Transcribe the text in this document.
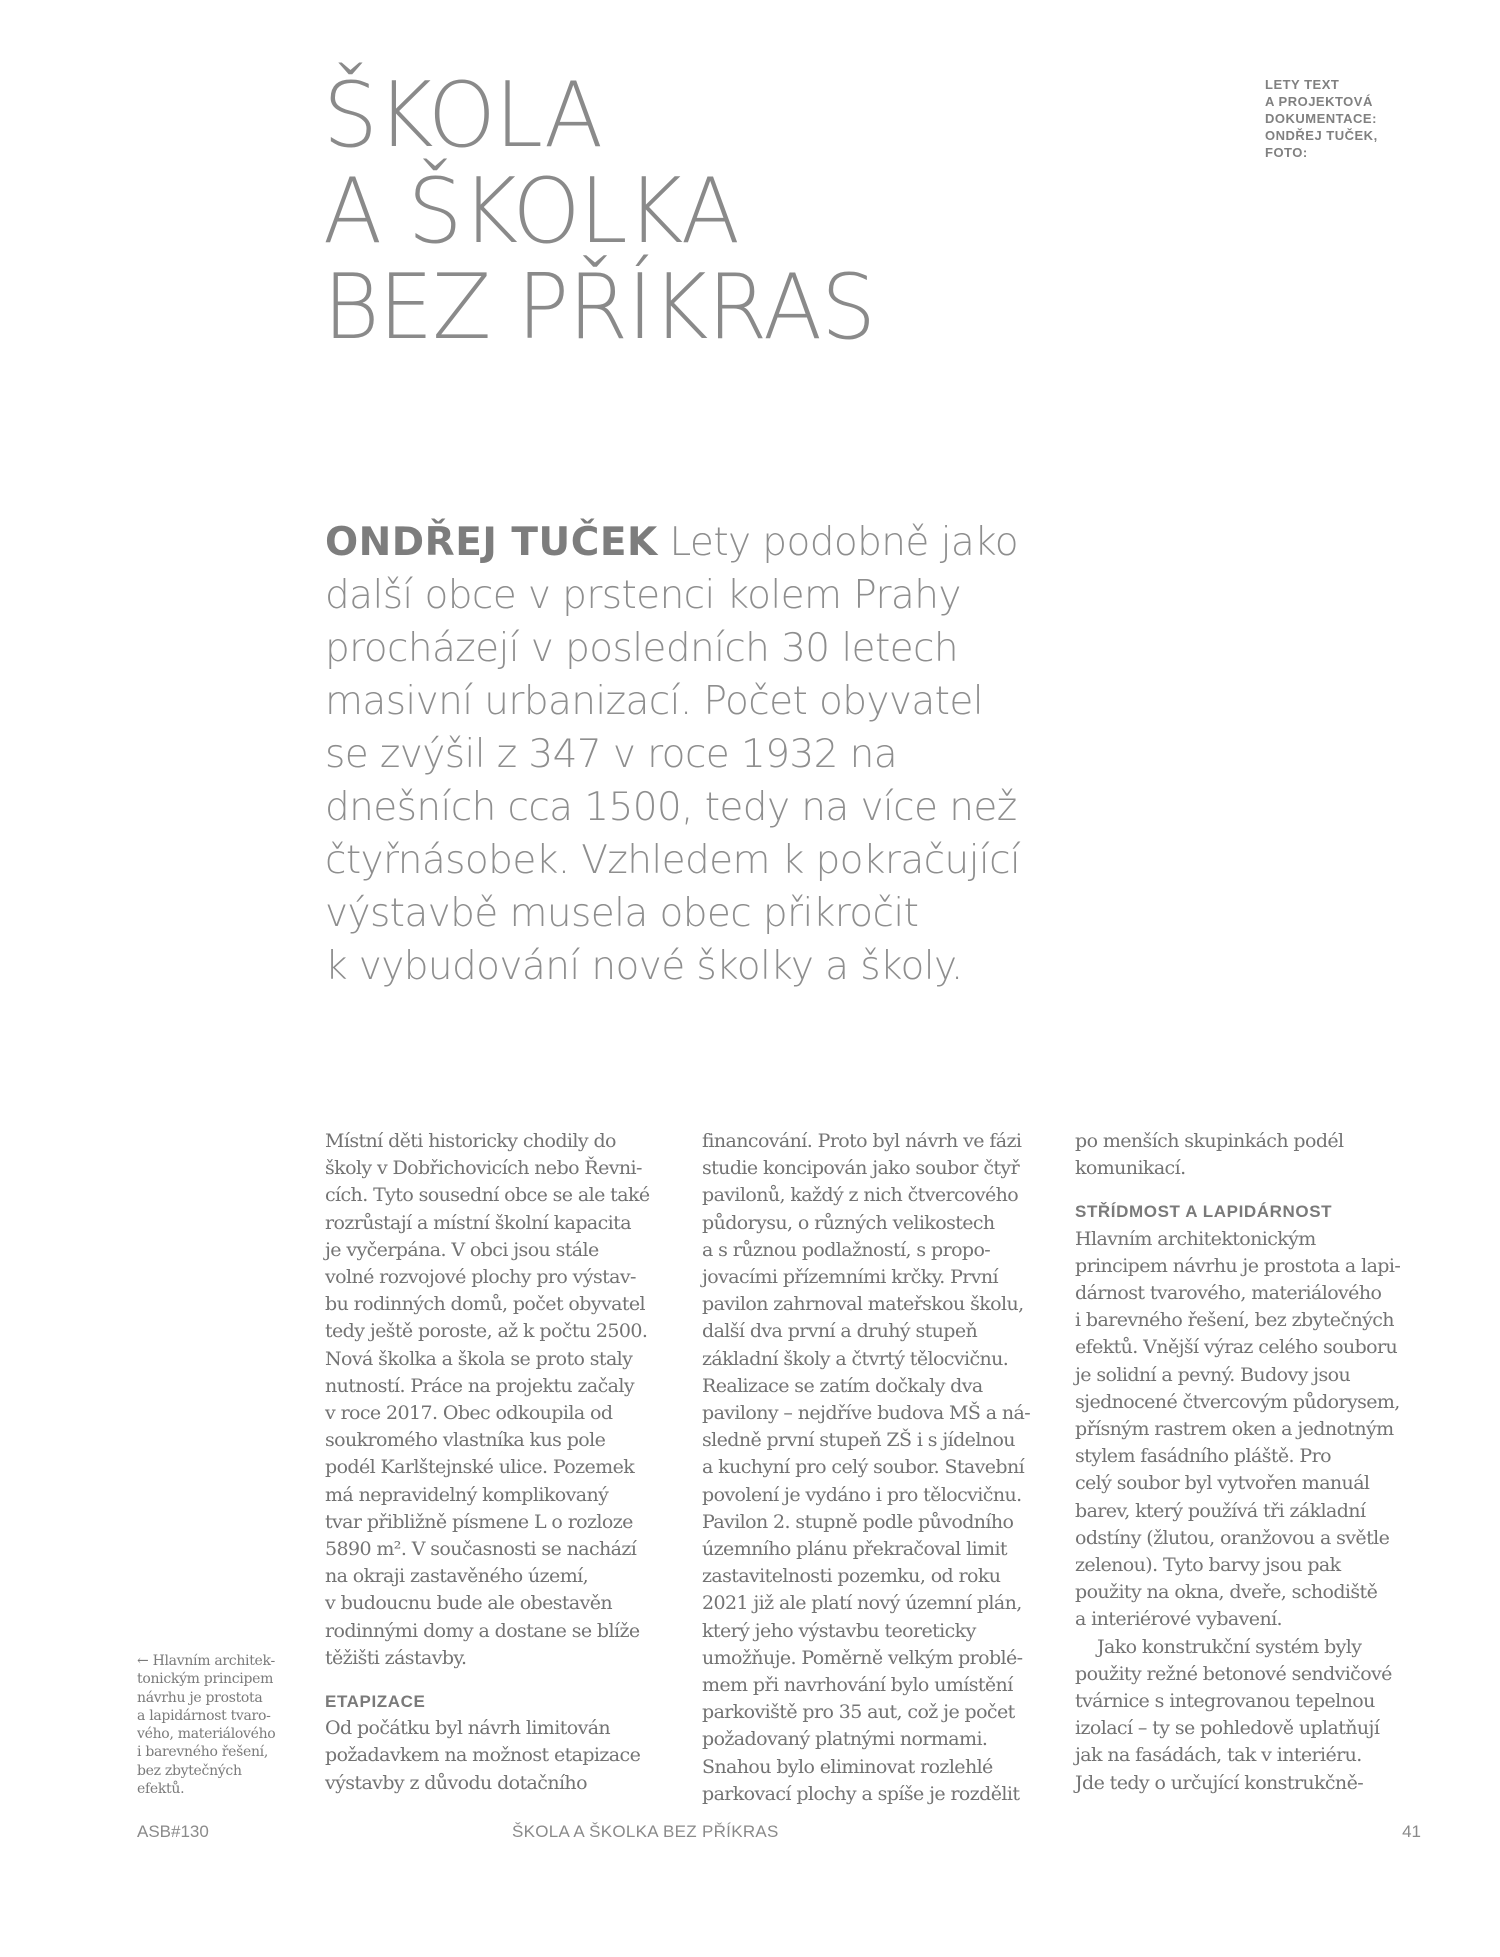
ŠKOLA
A ŠKOLKA
BEZ PŘÍKRAS
LETY TEXT
A PROJEKTOVÁ
DOKUMENTACE:
ONDŘEJ TUČEK,
FOTO:
ONDŘEJ TUČEK Lety podobně jako
další obce v prstenci kolem Prahy
procházejí v posledních 30 letech
masivní urbanizací. Počet obyvatel
se zvýšil z 347 v roce 1932 na
dnešních cca 1500, tedy na více než
čtyřnásobek. Vzhledem k pokračující
výstavbě musela obec přikročit
k vybudování nové školky a školy.
← Hlavním architek-
tonickým principem
návrhu je prostota
a lapidárnost tvaro-
vého, materiálového
i barevného řešení,
bez zbytečných
efektů.
Místní děti historicky chodily do
školy v Dobřichovicích nebo Řevni-
cích. Tyto sousední obce se ale také
rozrůstají a místní školní kapacita
je vyčerpána. V obci jsou stále
volné rozvojové plochy pro výstav-
bu rodinných domů, počet obyvatel
tedy ještě poroste, až k počtu 2500.
Nová školka a škola se proto staly
nutností. Práce na projektu začaly
v roce 2017. Obec odkoupila od
soukromého vlastníka kus pole
podél Karlštejnské ulice. Pozemek
má nepravidelný komplikovaný
tvar přibližně písmene L o rozloze
5890 m². V současnosti se nachází
na okraji zastavěného území,
v budoucnu bude ale obestavěn
rodinnými domy a dostane se blíže
těžišti zástavby.
ETAPIZACE
Od počátku byl návrh limitován
požadavkem na možnost etapizace
výstavby z důvodu dotačního
financování. Proto byl návrh ve fázi
studie koncipován jako soubor čtyř
pavilonů, každý z nich čtvercového
půdorysu, o různých velikostech
a s různou podlažností, s propo-
jovacími přízemními krčky. První
pavilon zahrnoval mateřskou školu,
další dva první a druhý stupeň
základní školy a čtvrtý tělocvičnu.
Realizace se zatím dočkaly dva
pavilony – nejdříve budova MŠ a ná-
sledně první stupeň ZŠ i s jídelnou
a kuchyní pro celý soubor. Stavební
povolení je vydáno i pro tělocvičnu.
Pavilon 2. stupně podle původního
územního plánu překračoval limit
zastavitelnosti pozemku, od roku
2021 již ale platí nový územní plán,
který jeho výstavbu teoreticky
umožňuje. Poměrně velkým problé-
mem při navrhování bylo umístění
parkoviště pro 35 aut, což je počet
požadovaný platnými normami.
Snahou bylo eliminovat rozlehlé
parkovací plochy a spíše je rozdělit
po menších skupinkách podél
komunikací.
STŘÍDMOST A LAPIDÁRNOST
Hlavním architektonickým
principem návrhu je prostota a lapi-
dárnost tvarového, materiálového
i barevného řešení, bez zbytečných
efektů. Vnější výraz celého souboru
je solidní a pevný. Budovy jsou
sjednocené čtvercovým půdorysem,
přísným rastrem oken a jednotným
stylem fasádního pláště. Pro
celý soubor byl vytvořen manuál
barev, který používá tři základní
odstíny (žlutou, oranžovou a světle
zelenou). Tyto barvy jsou pak
použity na okna, dveře, schodiště
a interiérové vybavení.
Jako konstrukční systém byly
použity režné betonové sendvičové
tvárnice s integrovanou tepelnou
izolací – ty se pohledově uplatňují
jak na fasádách, tak v interiéru.
Jde tedy o určující konstrukčně-
ASB#130	ŠKOLA A ŠKOLKA BEZ PŘÍKRAS	41
